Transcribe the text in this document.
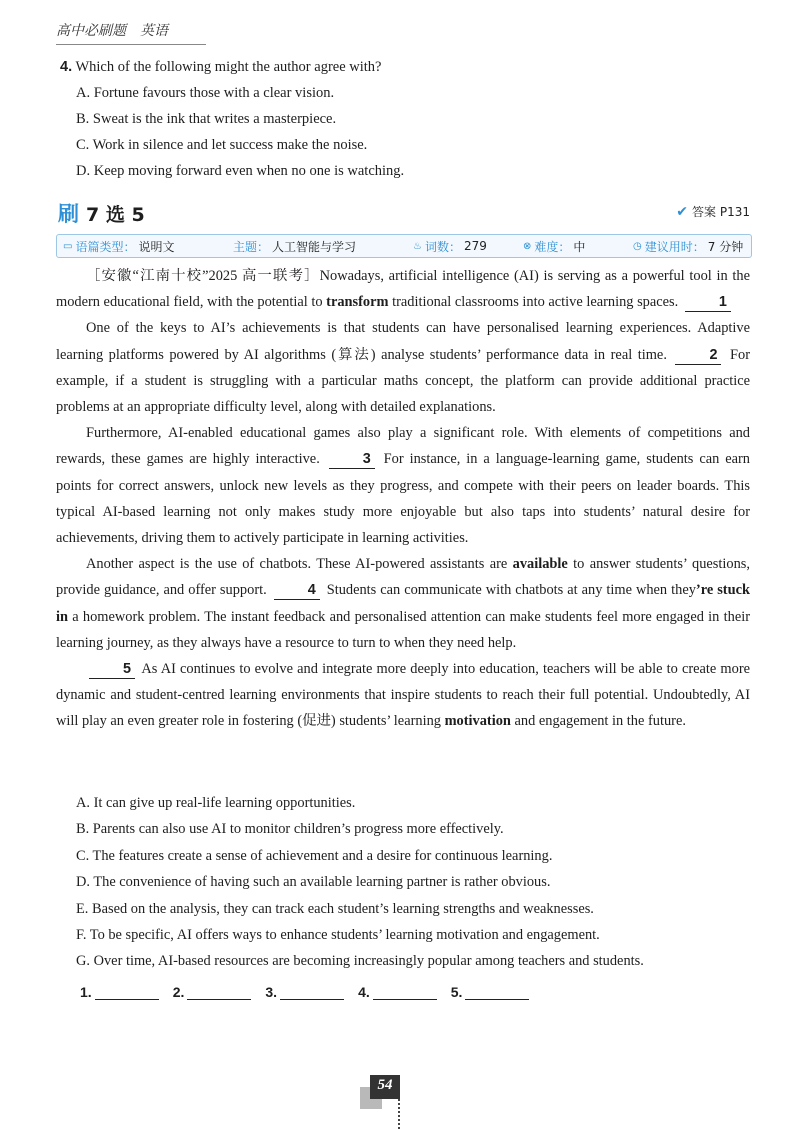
高中必刷题　英语
4. Which of the following might the author agree with?
A. Fortune favours those with a clear vision.
B. Sweat is the ink that writes a masterpiece.
C. Work in silence and let success make the noise.
D. Keep moving forward even when no one is watching.
刷 7 选 5	✔ 答案 P131
▭ 语篇类型： 说明文	主题： 人工智能与学习	♨ 词数： 279	⊗ 难度： 中	◷ 建议用时： 7 分钟

［安徽“江南十校”2025 高一联考］Nowadays, artificial intelligence (AI) is serving as a powerful tool in the modern educational field, with the potential to transform traditional classrooms into active learning spaces.	1

One of the keys to AI’s achievements is that students can have personalised learning experiences. Adaptive learning platforms powered by AI algorithms (算法) analyse students’ performance data in real time.	2 For example, if a student is struggling with a particular maths concept, the platform can provide additional practice problems at an appropriate difficulty level, along with detailed explanations.

Furthermore, AI-enabled educational games also play a significant role. With elements of competitions and rewards, these games are highly interactive.	3 For instance, in a language-learning game, students can earn points for correct answers, unlock new levels as they progress, and compete with their peers on leader boards. This typical AI-based learning not only makes study more enjoyable but also taps into students’ natural desire for achievements, driving them to actively participate in learning activities.

Another aspect is the use of chatbots. These AI-powered assistants are available to answer students’ questions, provide guidance, and offer support.	4 Students can communicate with chatbots at any time when they’re stuck in a homework problem. The instant feedback and personalised attention can make students feel more engaged in their learning journey, as they always have a resource to turn to when they need help.

5 As AI continues to evolve and integrate more deeply into education, teachers will be able to create more dynamic and student-centred learning environments that inspire students to reach their full potential. Undoubtedly, AI will play an even greater role in fostering (促进) students’ learning motivation and engagement in the future.

A. It can give up real-life learning opportunities.
B. Parents can also use AI to monitor children’s progress more effectively.
C. The features create a sense of achievement and a desire for continuous learning.
D. The convenience of having such an available learning partner is rather obvious.
E. Based on the analysis, they can track each student’s learning strengths and weaknesses.
F. To be specific, AI offers ways to enhance students’ learning motivation and engagement.
G. Over time, AI-based resources are becoming increasingly popular among teachers and students.
1.	2.	3.	4.	5.
54
